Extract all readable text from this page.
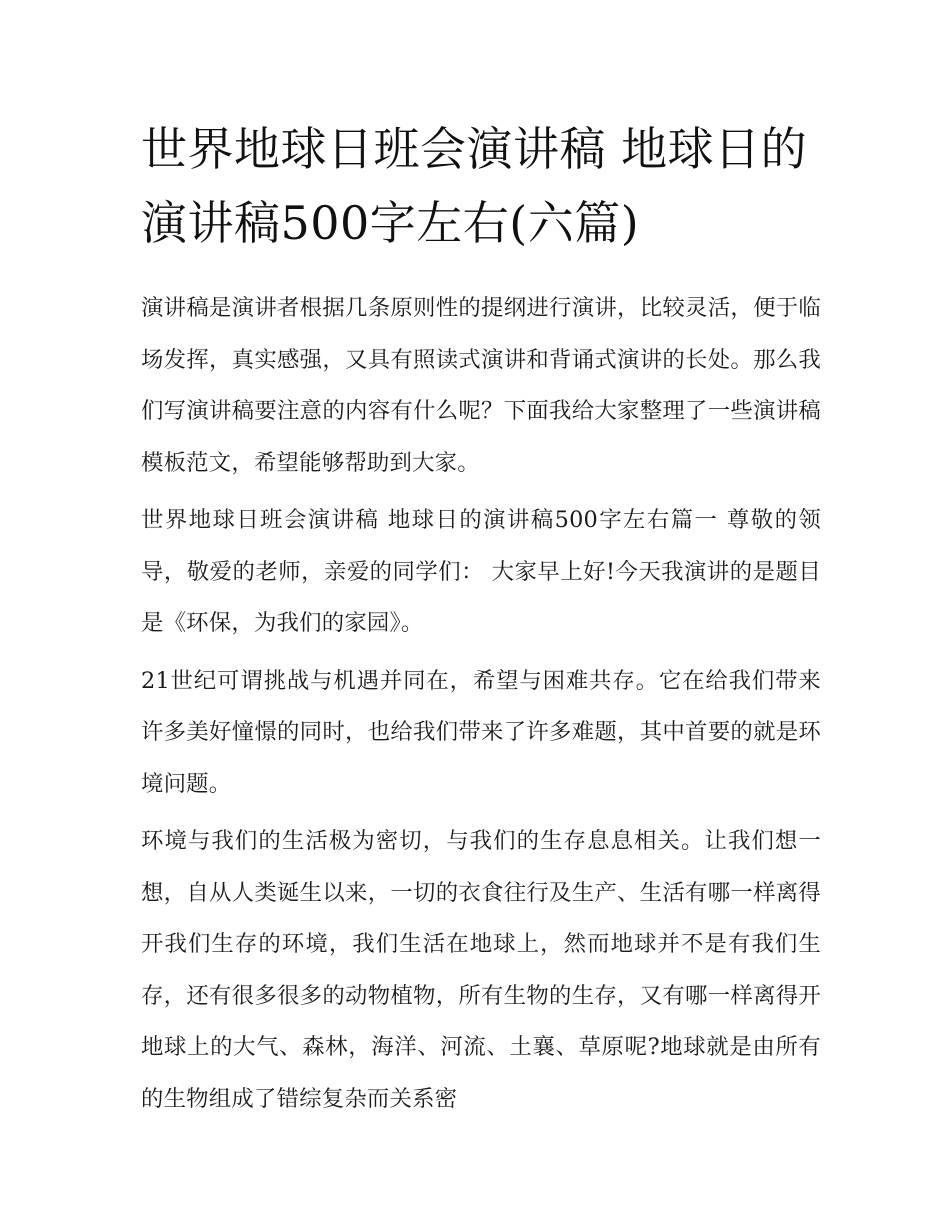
世界地球日班会演讲稿 地球日的演讲稿500字左右(六篇)

演讲稿是演讲者根据几条原则性的提纲进行演讲，比较灵活，便于临场发挥，真实感强，又具有照读式演讲和背诵式演讲的长处。那么我们写演讲稿要注意的内容有什么呢？下面我给大家整理了一些演讲稿模板范文，希望能够帮助到大家。

世界地球日班会演讲稿 地球日的演讲稿500字左右篇一 尊敬的领导，敬爱的老师，亲爱的同学们： 大家早上好!今天我演讲的是题目是《环保，为我们的家园》。

21世纪可谓挑战与机遇并同在，希望与困难共存。它在给我们带来许多美好憧憬的同时，也给我们带来了许多难题，其中首要的就是环境问题。

环境与我们的生活极为密切，与我们的生存息息相关。让我们想一想，自从人类诞生以来，一切的衣食往行及生产、生活有哪一样离得开我们生存的环境，我们生活在地球上，然而地球并不是有我们生存，还有很多很多的动物植物，所有生物的生存，又有哪一样离得开地球上的大气、森林，海洋、河流、土襄、草原呢?地球就是由所有的生物组成了错综复杂而关系密
